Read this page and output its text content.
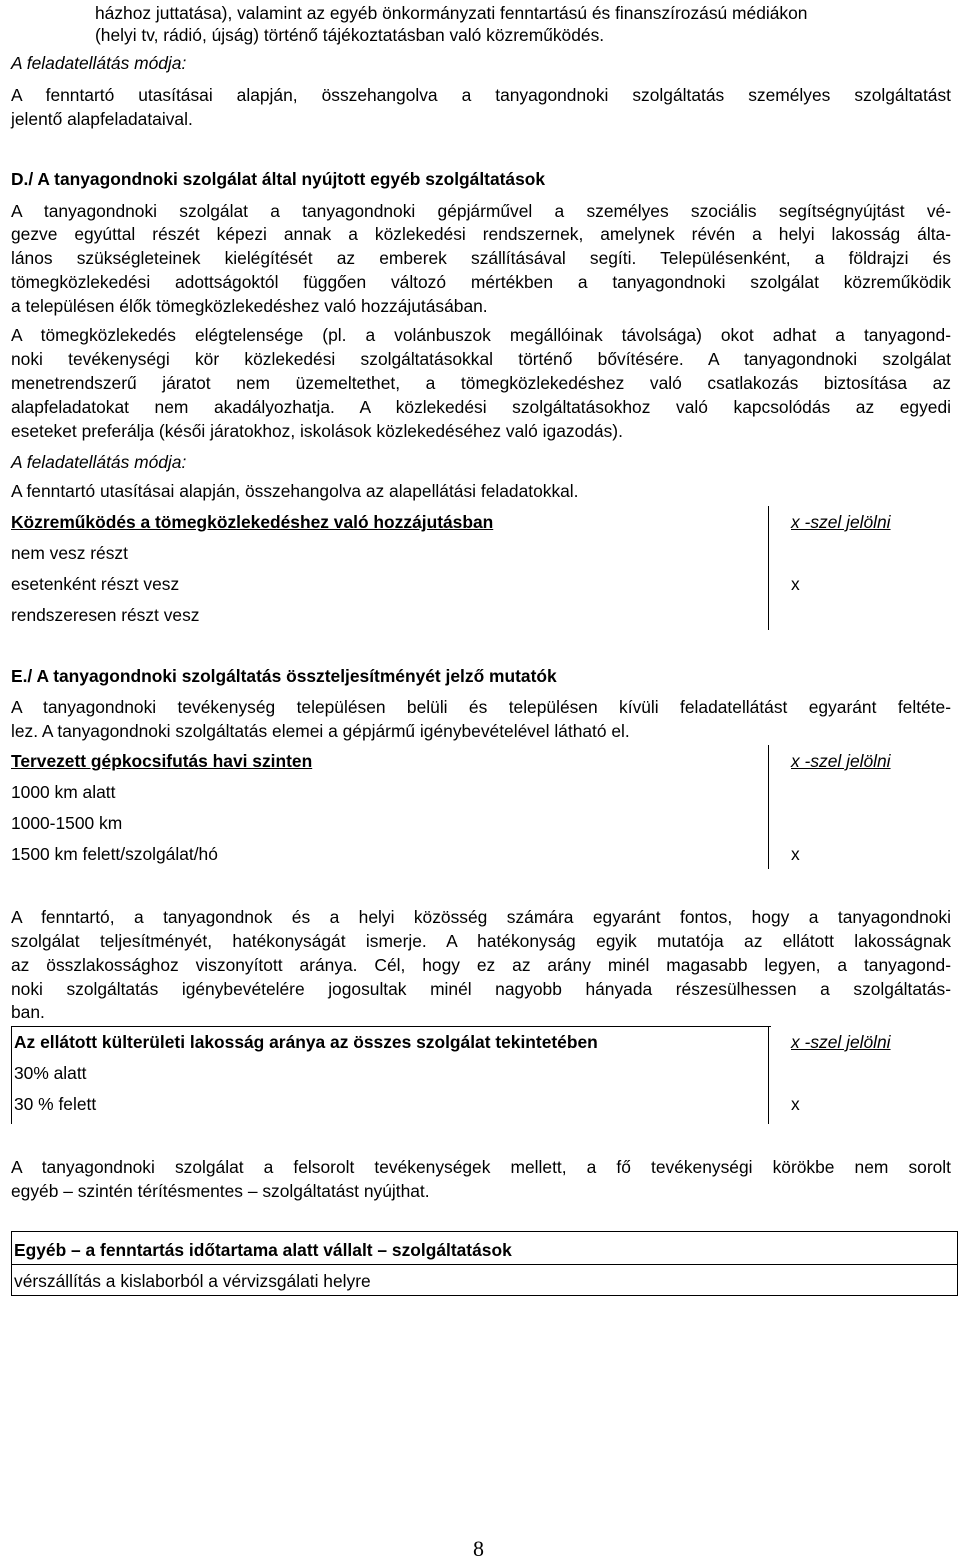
házhoz juttatása), valamint az egyéb önkormányzati fenntartású és finanszírozású médiákon
(helyi tv, rádió, újság) történő tájékoztatásban való közreműködés.
A feladatellátás módja:
A fenntartó utasításai alapján, összehangolva a tanyagondnoki szolgáltatás személyes szolgáltatást
jelentő alapfeladataival.
D./ A tanyagondnoki szolgálat által nyújtott egyéb szolgáltatások
A tanyagondnoki szolgálat a tanyagondnoki gépjárművel a személyes szociális segítségnyújtást vé-
gezve egyúttal részét képezi annak a közlekedési rendszernek, amelynek révén a helyi lakosság álta-
lános szükségleteinek kielégítését az emberek szállításával segíti. Településenként, a földrajzi és
tömegközlekedési adottságoktól függően változó mértékben a tanyagondnoki szolgálat közreműködik
a településen élők tömegközlekedéshez való hozzájutásában.
A tömegközlekedés elégtelensége (pl. a volánbuszok megállóinak távolsága) okot adhat a tanyagond-
noki tevékenységi kör közlekedési szolgáltatásokkal történő bővítésére. A tanyagondnoki szolgálat
menetrendszerű járatot nem üzemeltethet, a tömegközlekedéshez való csatlakozás biztosítása az
alapfeladatokat nem akadályozhatja. A közlekedési szolgáltatásokhoz való kapcsolódás az egyedi
eseteket preferálja (késői járatokhoz, iskolások közlekedéséhez való igazodás).
A feladatellátás módja:
A fenntartó utasításai alapján, összehangolva az alapellátási feladatokkal.
Közreműködés a tömegközlekedéshez való hozzájutásban	x -szel jelölni
nem vesz részt
esetenként részt vesz	x
rendszeresen részt vesz
E./ A tanyagondnoki szolgáltatás összteljesítményét jelző mutatók
A tanyagondnoki tevékenység településen belüli és településen kívüli feladatellátást egyaránt feltéte-
lez. A tanyagondnoki szolgáltatás elemei a gépjármű igénybevételével látható el.
Tervezett gépkocsifutás havi szinten	x -szel jelölni
1000 km alatt
1000-1500 km
1500 km felett/szolgálat/hó	x
A fenntartó, a tanyagondnok és a helyi közösség számára egyaránt fontos, hogy a tanyagondnoki
szolgálat teljesítményét, hatékonyságát ismerje. A hatékonyság egyik mutatója az ellátott lakosságnak
az összlakossághoz viszonyított aránya. Cél, hogy ez az arány minél magasabb legyen, a tanyagond-
noki szolgáltatás igénybevételére jogosultak minél nagyobb hányada részesülhessen a szolgáltatás-
ban.
Az ellátott külterületi lakosság aránya az összes szolgálat tekintetében	x -szel jelölni
30% alatt
30 % felett	x
A tanyagondnoki szolgálat a felsorolt tevékenységek mellett, a fő tevékenységi körökbe nem sorolt
egyéb – szintén térítésmentes – szolgáltatást nyújthat.
Egyéb – a fenntartás időtartama alatt vállalt – szolgáltatások
vérszállítás a kislaborból a vérvizsgálati helyre
8
